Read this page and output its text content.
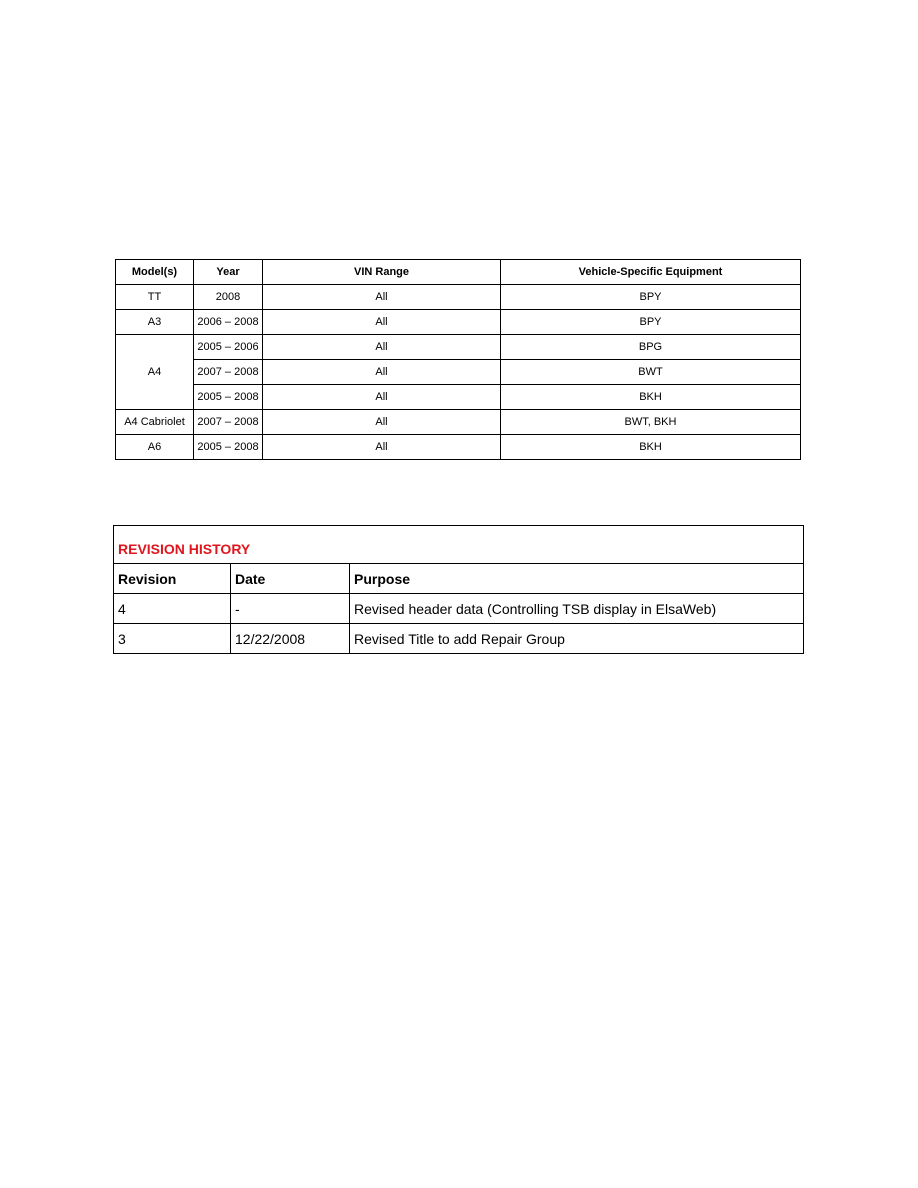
Model(s)	Year	VIN Range	Vehicle-Specific Equipment
TT	2008	All	BPY
A3	2006 – 2008	All	BPY
A4	2005 – 2006	All	BPG
	2007 – 2008	All	BWT
	2005 – 2008	All	BKH
A4 Cabriolet	2007 – 2008	All	BWT, BKH
A6	2005 – 2008	All	BKH
REVISION HISTORY		
Revision	Date	Purpose
4	-	Revised header data (Controlling TSB display in ElsaWeb)
3	12/22/2008	Revised Title to add Repair Group
